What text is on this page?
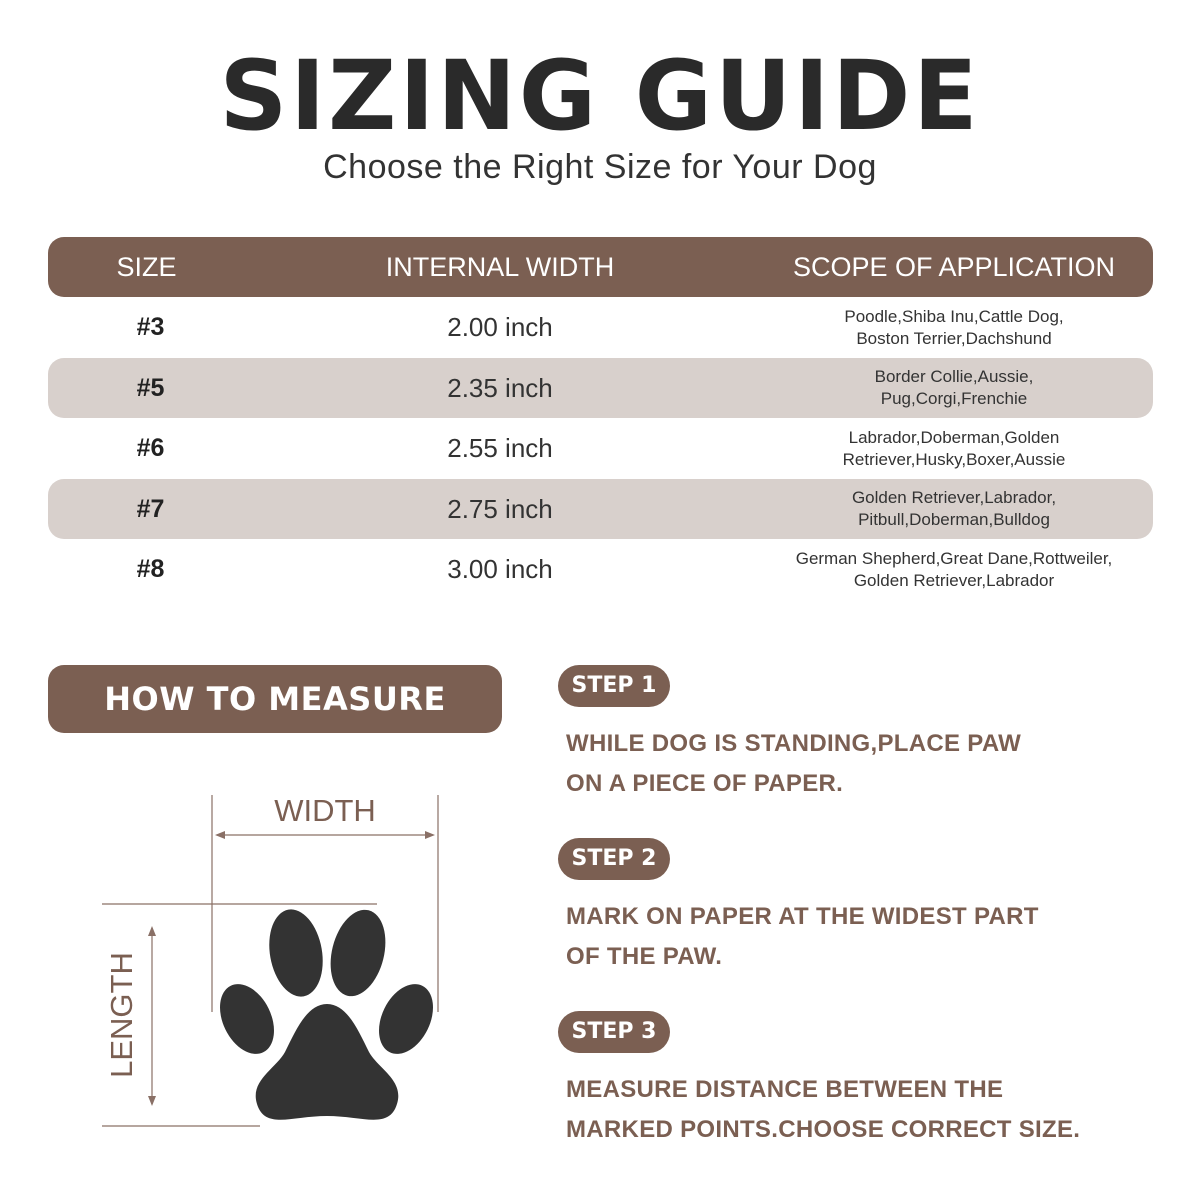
SIZING GUIDE
Choose the Right Size for Your Dog
SIZE	INTERNAL WIDTH	SCOPE OF APPLICATION
#3	2.00 inch	Poodle,Shiba Inu,Cattle Dog,
Boston Terrier,Dachshund
#5	2.35 inch	Border Collie,Aussie,
Pug,Corgi,Frenchie
#6	2.55 inch	Labrador,Doberman,Golden
Retriever,Husky,Boxer,Aussie
#7	2.75 inch	Golden Retriever,Labrador,
Pitbull,Doberman,Bulldog
#8	3.00 inch	German Shepherd,Great Dane,Rottweiler,
Golden Retriever,Labrador
HOW TO MEASURE
WIDTH
LENGTH
STEP 1
WHILE DOG IS STANDING,PLACE PAW
ON A PIECE OF PAPER.
STEP 2
MARK ON PAPER AT THE WIDEST PART
OF THE PAW.
STEP 3
MEASURE DISTANCE BETWEEN THE
MARKED POINTS.CHOOSE CORRECT SIZE.
